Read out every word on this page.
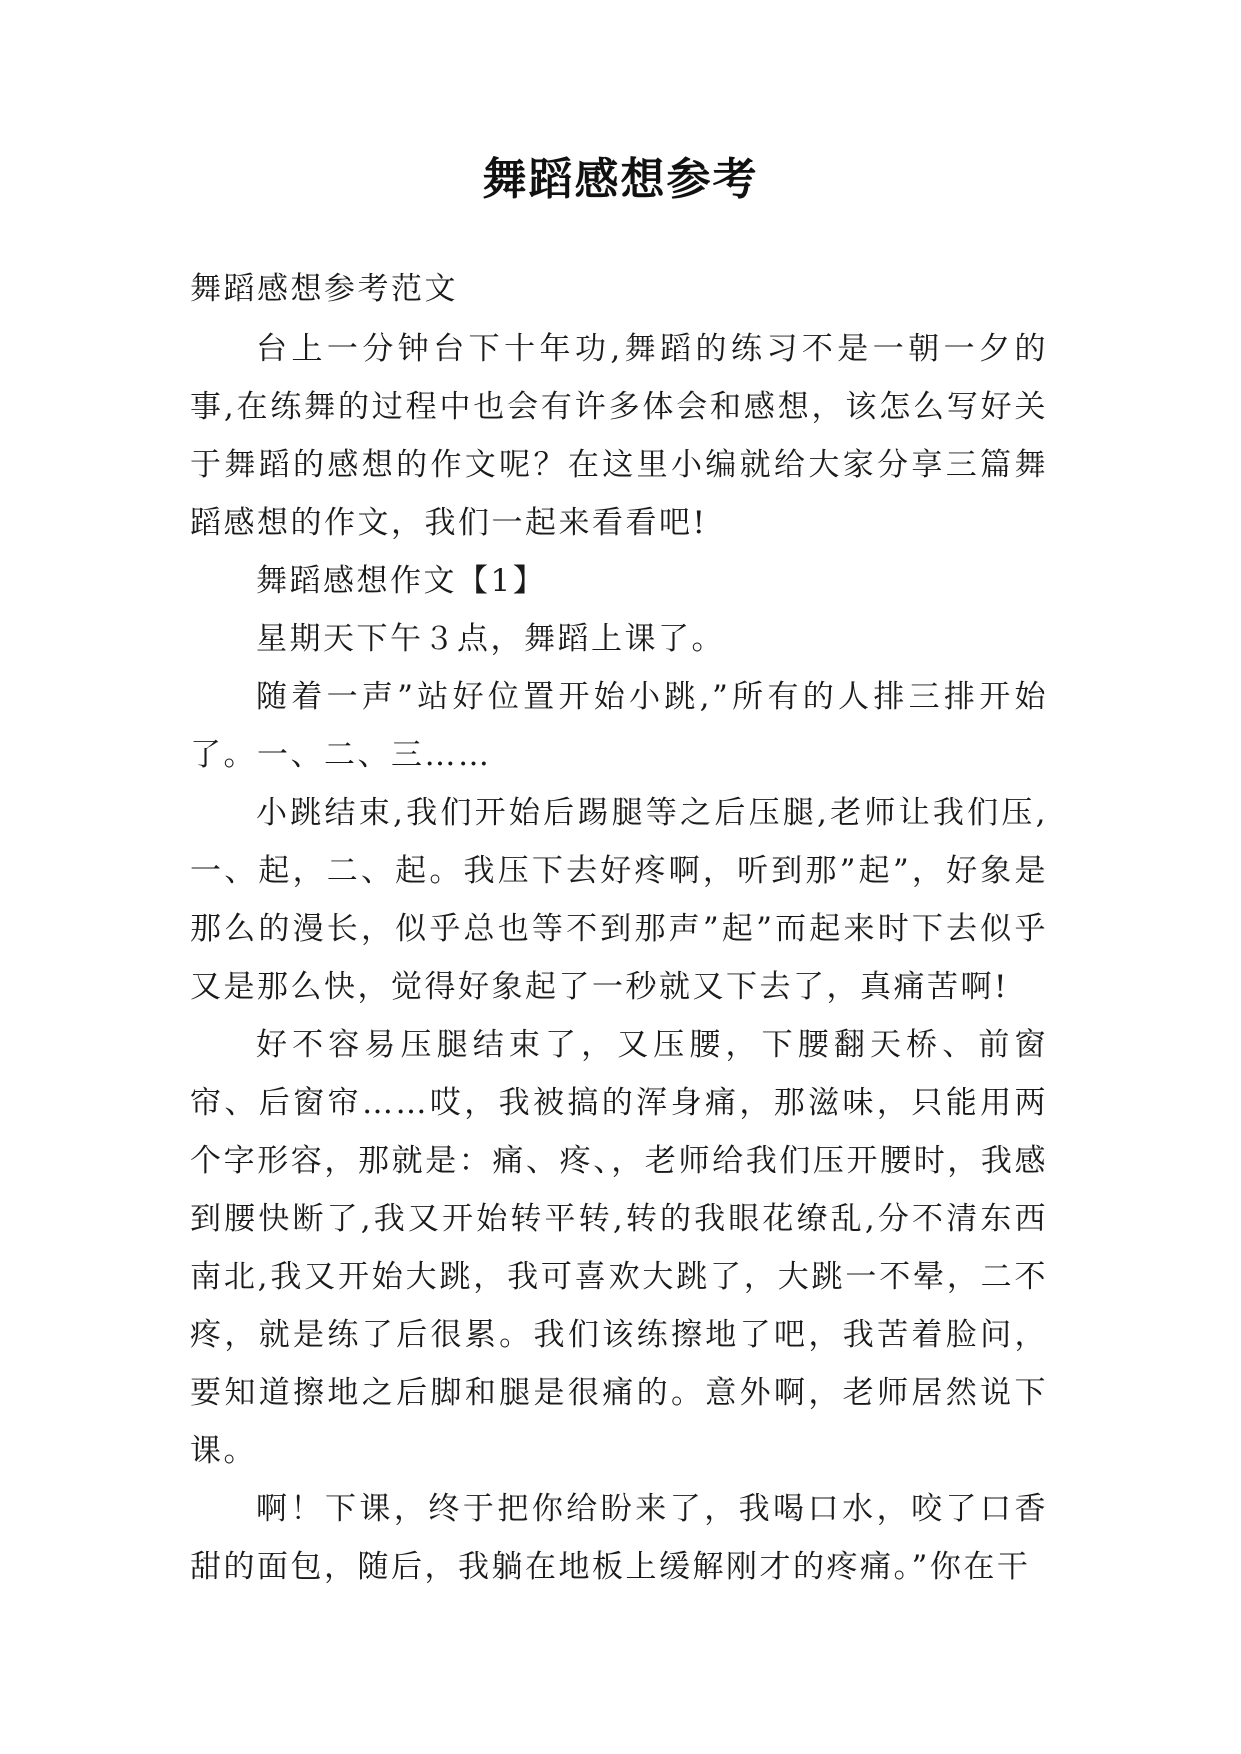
舞蹈感想参考

舞蹈感想参考范文

台上一分钟台下十年功,舞蹈的练习不是一朝一夕的事,在练舞的过程中也会有许多体会和感想，该怎么写好关于舞蹈的感想的作文呢？在这里小编就给大家分享三篇舞蹈感想的作文，我们一起来看看吧!

舞蹈感想作文【1】

星期天下午３点，舞蹈上课了。

随着一声”站好位置开始小跳,”所有的人排三排开始了。一、二、三……

小跳结束,我们开始后踢腿等之后压腿,老师让我们压,一、起，二、起。我压下去好疼啊，听到那”起”，好象是那么的漫长，似乎总也等不到那声”起”而起来时下去似乎又是那么快，觉得好象起了一秒就又下去了，真痛苦啊!

好不容易压腿结束了，又压腰，下腰翻天桥、前窗帘、后窗帘……哎，我被搞的浑身痛，那滋味，只能用两个字形容，那就是：痛、疼、，老师给我们压开腰时，我感到腰快断了,我又开始转平转,转的我眼花缭乱,分不清东西南北,我又开始大跳，我可喜欢大跳了，大跳一不晕，二不疼，就是练了后很累。我们该练擦地了吧，我苦着脸问，要知道擦地之后脚和腿是很痛的。意外啊，老师居然说下课。

啊！下课，终于把你给盼来了，我喝口水，咬了口香甜的面包，随后，我躺在地板上缓解刚才的疼痛。”你在干
